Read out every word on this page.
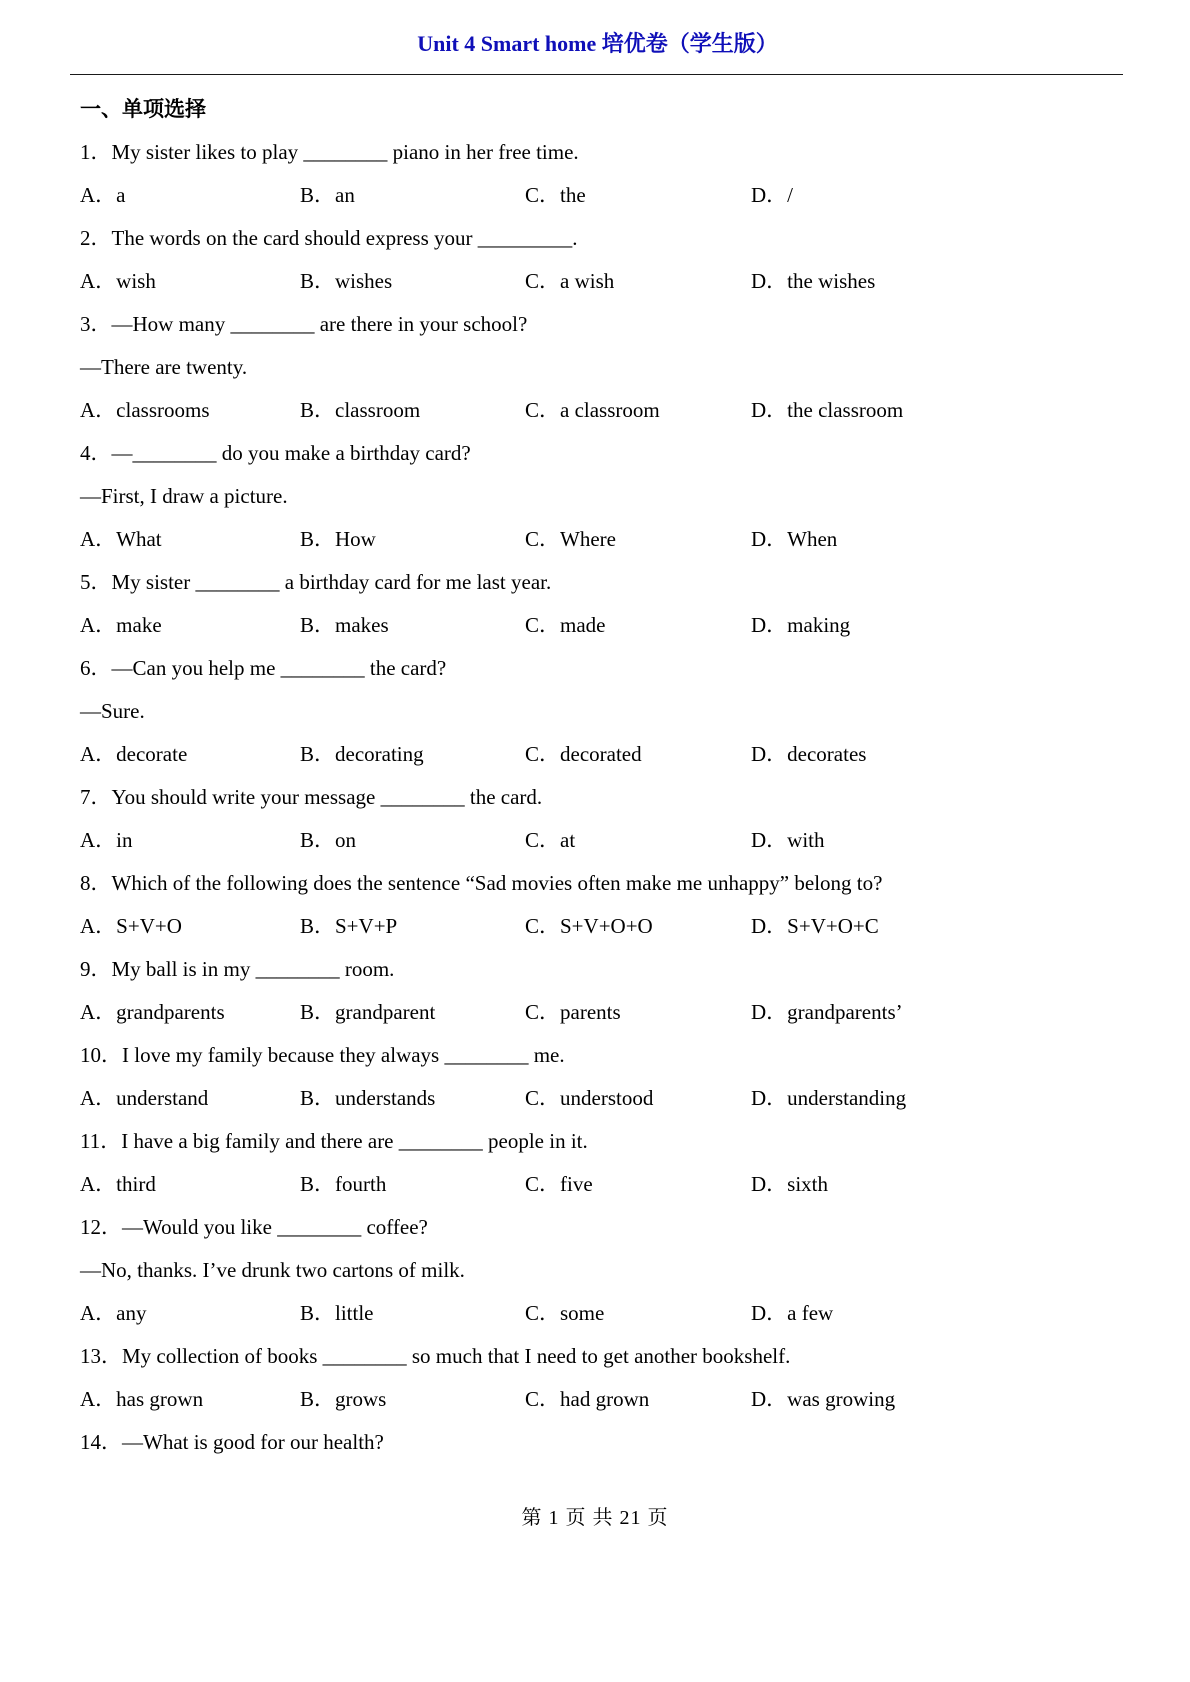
Unit 4 Smart home 培优卷（学生版）
一、单项选择
1．My sister likes to play ________ piano in her free time.
A．a	B．an	C．the	D．/
2．The words on the card should express your _________.
A．wish	B．wishes	C．a wish	D．the wishes
3．—How many ________ are there in your school?
—There are twenty.
A．classrooms	B．classroom	C．a classroom	D．the classroom
4．—________ do you make a birthday card?
—First, I draw a picture.
A．What	B．How	C．Where	D．When
5．My sister ________ a birthday card for me last year.
A．make	B．makes	C．made	D．making
6．—Can you help me ________ the card?
—Sure.
A．decorate	B．decorating	C．decorated	D．decorates
7．You should write your message ________ the card.
A．in	B．on	C．at	D．with
8．Which of the following does the sentence “Sad movies often make me unhappy” belong to?
A．S+V+O	B．S+V+P	C．S+V+O+O	D．S+V+O+C
9．My ball is in my ________ room.
A．grandparents	B．grandparent	C．parents	D．grandparents’
10．I love my family because they always ________ me.
A．understand	B．understands	C．understood	D．understanding
11．I have a big family and there are ________ people in it.
A．third	B．fourth	C．five	D．sixth
12．—Would you like ________ coffee?
—No, thanks. I’ve drunk two cartons of milk.
A．any	B．little	C．some	D．a few
13．My collection of books ________ so much that I need to get another bookshelf.
A．has grown	B．grows	C．had grown	D．was growing
14．—What is good for our health?
第 1 页 共 21 页
